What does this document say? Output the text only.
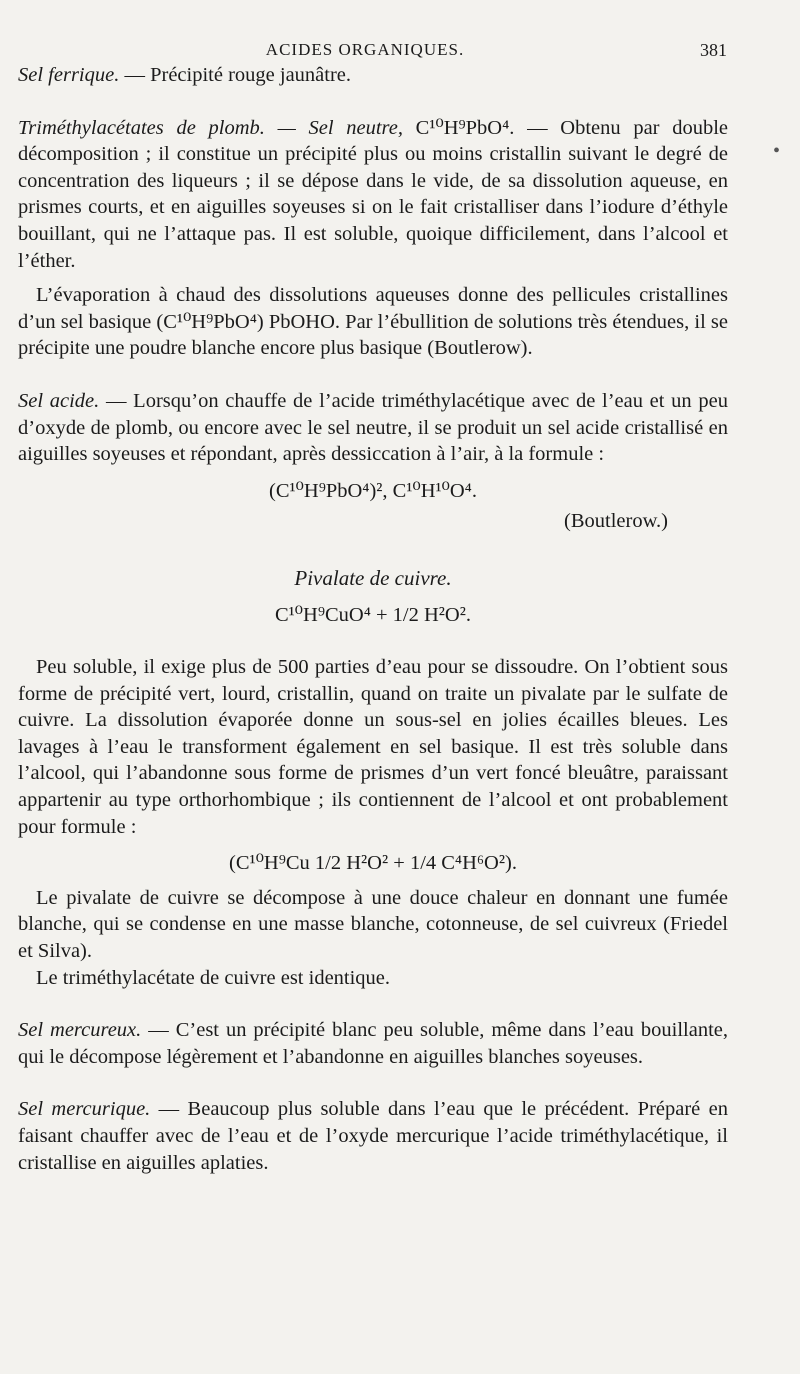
ACIDES ORGANIQUES.	381
•

Sel ferrique. — Précipité rouge jaunâtre.

Triméthylacétates de plomb. — Sel neutre, C¹⁰H⁹PbO⁴. — Obtenu par double décomposition ; il constitue un précipité plus ou moins cristallin suivant le degré de concentration des liqueurs ; il se dépose dans le vide, de sa dissolution aqueuse, en prismes courts, et en aiguilles soyeuses si on le fait cristalliser dans l’iodure d’éthyle bouillant, qui ne l’attaque pas. Il est soluble, quoique difficilement, dans l’alcool et l’éther.

L’évaporation à chaud des dissolutions aqueuses donne des pellicules cristallines d’un sel basique (C¹⁰H⁹PbO⁴) PbOHO. Par l’ébullition de solutions très étendues, il se précipite une poudre blanche encore plus basique (Boutlerow).

Sel acide. — Lorsqu’on chauffe de l’acide triméthylacétique avec de l’eau et un peu d’oxyde de plomb, ou encore avec le sel neutre, il se produit un sel acide cristallisé en aiguilles soyeuses et répondant, après dessiccation à l’air, à la formule :

(C¹⁰H⁹PbO⁴)², C¹⁰H¹⁰O⁴.

(Boutlerow.)

Pivalate de cuivre.

C¹⁰H⁹CuO⁴ + 1/2 H²O².

Peu soluble, il exige plus de 500 parties d’eau pour se dissoudre. On l’obtient sous forme de précipité vert, lourd, cristallin, quand on traite un pivalate par le sulfate de cuivre. La dissolution évaporée donne un sous-sel en jolies écailles bleues. Les lavages à l’eau le transforment également en sel basique. Il est très soluble dans l’alcool, qui l’abandonne sous forme de prismes d’un vert foncé bleuâtre, paraissant appartenir au type orthorhombique ; ils contiennent de l’alcool et ont probablement pour formule :

(C¹⁰H⁹Cu 1/2 H²O² + 1/4 C⁴H⁶O²).

Le pivalate de cuivre se décompose à une douce chaleur en donnant une fumée blanche, qui se condense en une masse blanche, cotonneuse, de sel cuivreux (Friedel et Silva).

Le triméthylacétate de cuivre est identique.

Sel mercureux. — C’est un précipité blanc peu soluble, même dans l’eau bouillante, qui le décompose légèrement et l’abandonne en aiguilles blanches soyeuses.

Sel mercurique. — Beaucoup plus soluble dans l’eau que le précédent. Préparé en faisant chauffer avec de l’eau et de l’oxyde mercurique l’acide triméthylacétique, il cristallise en aiguilles aplaties.
